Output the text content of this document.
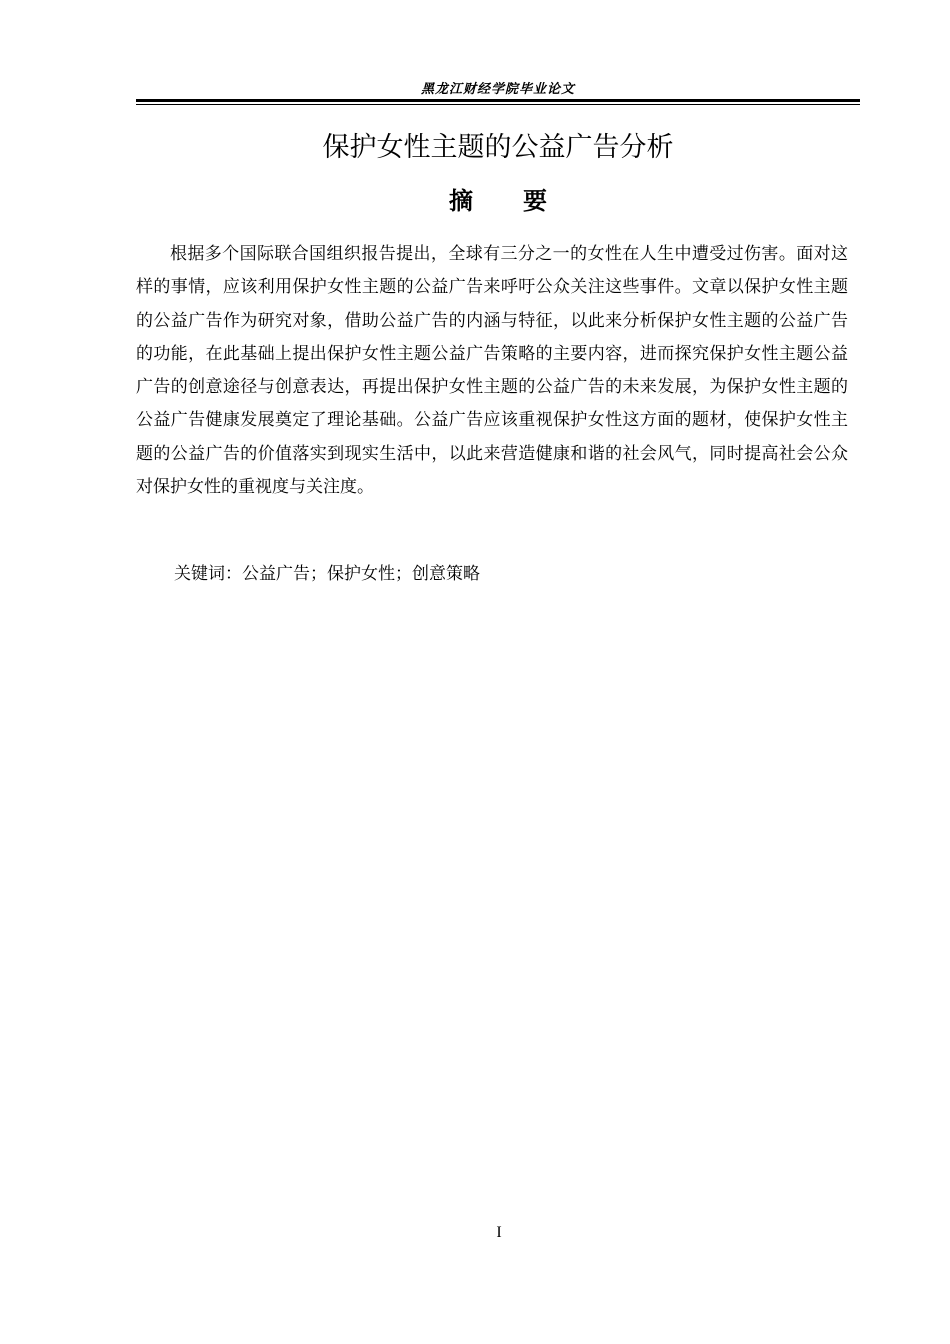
黑龙江财经学院毕业论文
保护女性主题的公益广告分析
摘要
根据多个国际联合国组织报告提出，全球有三分之一的女性在人生中遭受过伤害。面对这样的事情，应该利用保护女性主题的公益广告来呼吁公众关注这些事件。文章以保护女性主题的公益广告作为研究对象，借助公益广告的内涵与特征，以此来分析保护女性主题的公益广告的功能，在此基础上提出保护女性主题公益广告策略的主要内容，进而探究保护女性主题公益广告的创意途径与创意表达，再提出保护女性主题的公益广告的未来发展，为保护女性主题的公益广告健康发展奠定了理论基础。公益广告应该重视保护女性这方面的题材，使保护女性主题的公益广告的价值落实到现实生活中，以此来营造健康和谐的社会风气，同时提高社会公众对保护女性的重视度与关注度。
关键词：公益广告；保护女性；创意策略
I
